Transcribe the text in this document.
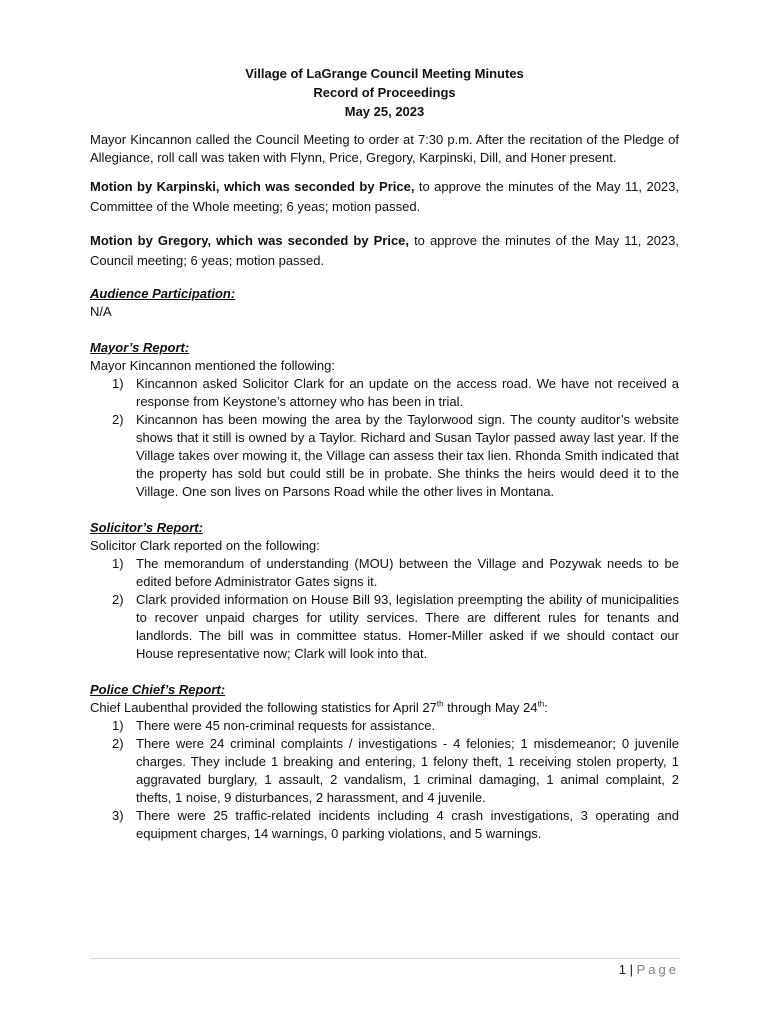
Village of LaGrange Council Meeting Minutes
Record of Proceedings
May 25, 2023

Mayor Kincannon called the Council Meeting to order at 7:30 p.m. After the recitation of the Pledge of Allegiance, roll call was taken with Flynn, Price, Gregory, Karpinski, Dill, and Honer present.

Motion by Karpinski, which was seconded by Price, to approve the minutes of the May 11, 2023, Committee of the Whole meeting; 6 yeas; motion passed.

Motion by Gregory, which was seconded by Price, to approve the minutes of the May 11, 2023, Council meeting; 6 yeas; motion passed.

Audience Participation:

N/A

Mayor’s Report:

Mayor Kincannon mentioned the following:

1) Kincannon asked Solicitor Clark for an update on the access road. We have not received a response from Keystone’s attorney who has been in trial.
2) Kincannon has been mowing the area by the Taylorwood sign. The county auditor’s website shows that it still is owned by a Taylor. Richard and Susan Taylor passed away last year. If the Village takes over mowing it, the Village can assess their tax lien. Rhonda Smith indicated that the property has sold but could still be in probate. She thinks the heirs would deed it to the Village. One son lives on Parsons Road while the other lives in Montana.
Solicitor’s Report:

Solicitor Clark reported on the following:

1) The memorandum of understanding (MOU) between the Village and Pozywak needs to be edited before Administrator Gates signs it.
2) Clark provided information on House Bill 93, legislation preempting the ability of municipalities to recover unpaid charges for utility services. There are different rules for tenants and landlords. The bill was in committee status. Homer-Miller asked if we should contact our House representative now; Clark will look into that.
Police Chief’s Report:

Chief Laubenthal provided the following statistics for April 27th through May 24th:

1) There were 45 non-criminal requests for assistance.
2) There were 24 criminal complaints / investigations - 4 felonies; 1 misdemeanor; 0 juvenile charges. They include 1 breaking and entering, 1 felony theft, 1 receiving stolen property, 1 aggravated burglary, 1 assault, 2 vandalism, 1 criminal damaging, 1 animal complaint, 2 thefts, 1 noise, 9 disturbances, 2 harassment, and 4 juvenile.
3) There were 25 traffic-related incidents including 4 crash investigations, 3 operating and equipment charges, 14 warnings, 0 parking violations, and 5 warnings.
1 | Page
